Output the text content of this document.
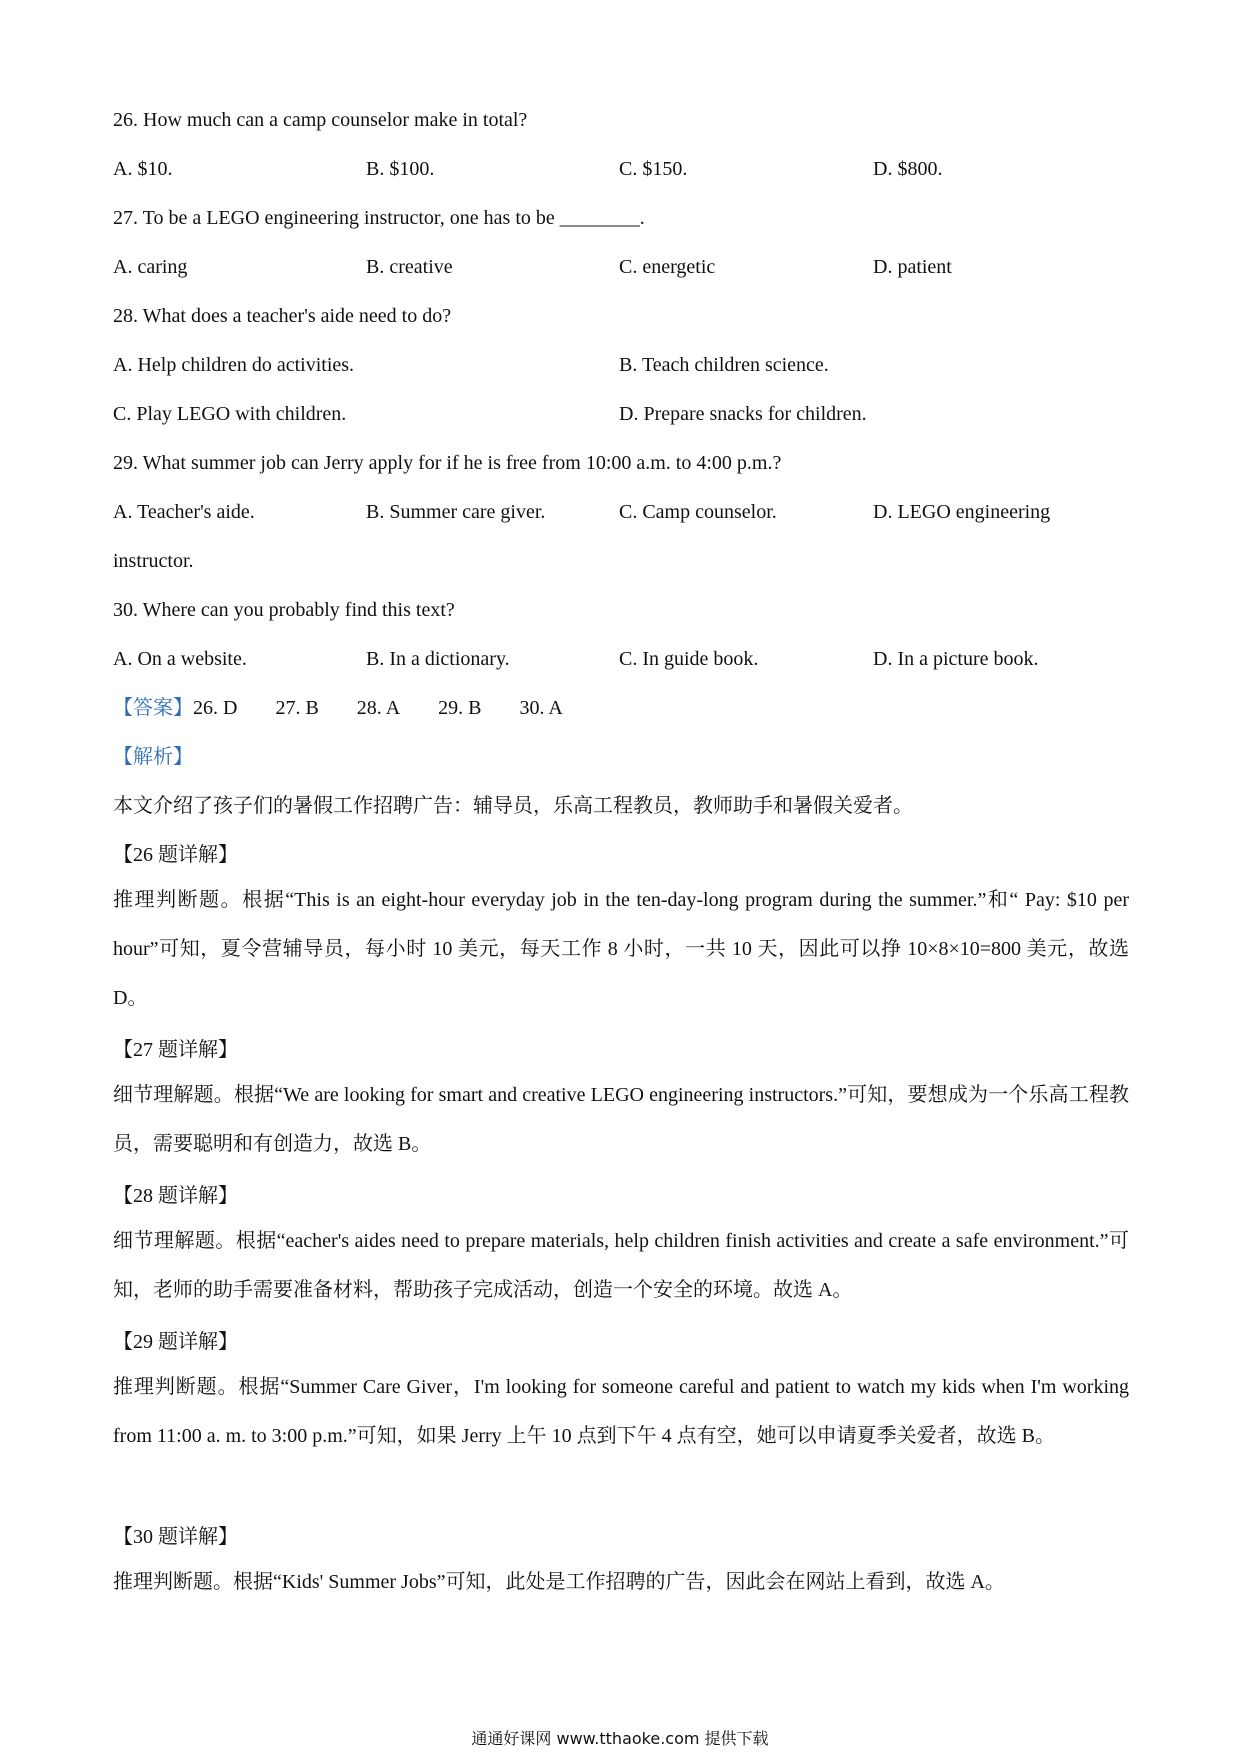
26. How much can a camp counselor make in total?
A. $10.	B. $100.	C. $150.	D. $800.
27. To be a LEGO engineering instructor, one has to be ________.
A. caring	B. creative	C. energetic	D. patient
28. What does a teacher's aide need to do?
A. Help children do activities.	B. Teach children science.
C. Play LEGO with children.	D. Prepare snacks for children.
29. What summer job can Jerry apply for if he is free from 10:00 a.m. to 4:00 p.m.?
A. Teacher's aide.	B. Summer care giver.	C. Camp counselor.	D. LEGO engineering
instructor.
30. Where can you probably find this text?
A. On a website.	B. In a dictionary.	C. In guide book.	D. In a picture book.
【答案】26. D 27. B 28. A 29. B 30. A
【解析】
本文介绍了孩子们的暑假工作招聘广告：辅导员，乐高工程教员，教师助手和暑假关爱者。
【26 题详解】
推理判断题。根据“This is an eight-hour everyday job in the ten-day-long program during the summer.”和“ Pay: $10 per hour”可知，夏令营辅导员，每小时 10 美元，每天工作 8 小时，一共 10 天，因此可以挣 10×8×10=800 美元，故选 D。
【27 题详解】
细节理解题。根据“We are looking for smart and creative LEGO engineering instructors.”可知，要想成为一个乐高工程教员，需要聪明和有创造力，故选 B。
【28 题详解】
细节理解题。根据“eacher's aides need to prepare materials, help children finish activities and create a safe environment.”可知，老师的助手需要准备材料，帮助孩子完成活动，创造一个安全的环境。故选 A。
【29 题详解】
推理判断题。根据“Summer Care Giver，I'm looking for someone careful and patient to watch my kids when I'm working from 11:00 a. m. to 3:00 p.m.”可知，如果 Jerry 上午 10 点到下午 4 点有空，她可以申请夏季关爱者，故选 B。
【30 题详解】
推理判断题。根据“Kids' Summer Jobs”可知，此处是工作招聘的广告，因此会在网站上看到，故选 A。
通通好课网 www.tthaoke.com 提供下载
